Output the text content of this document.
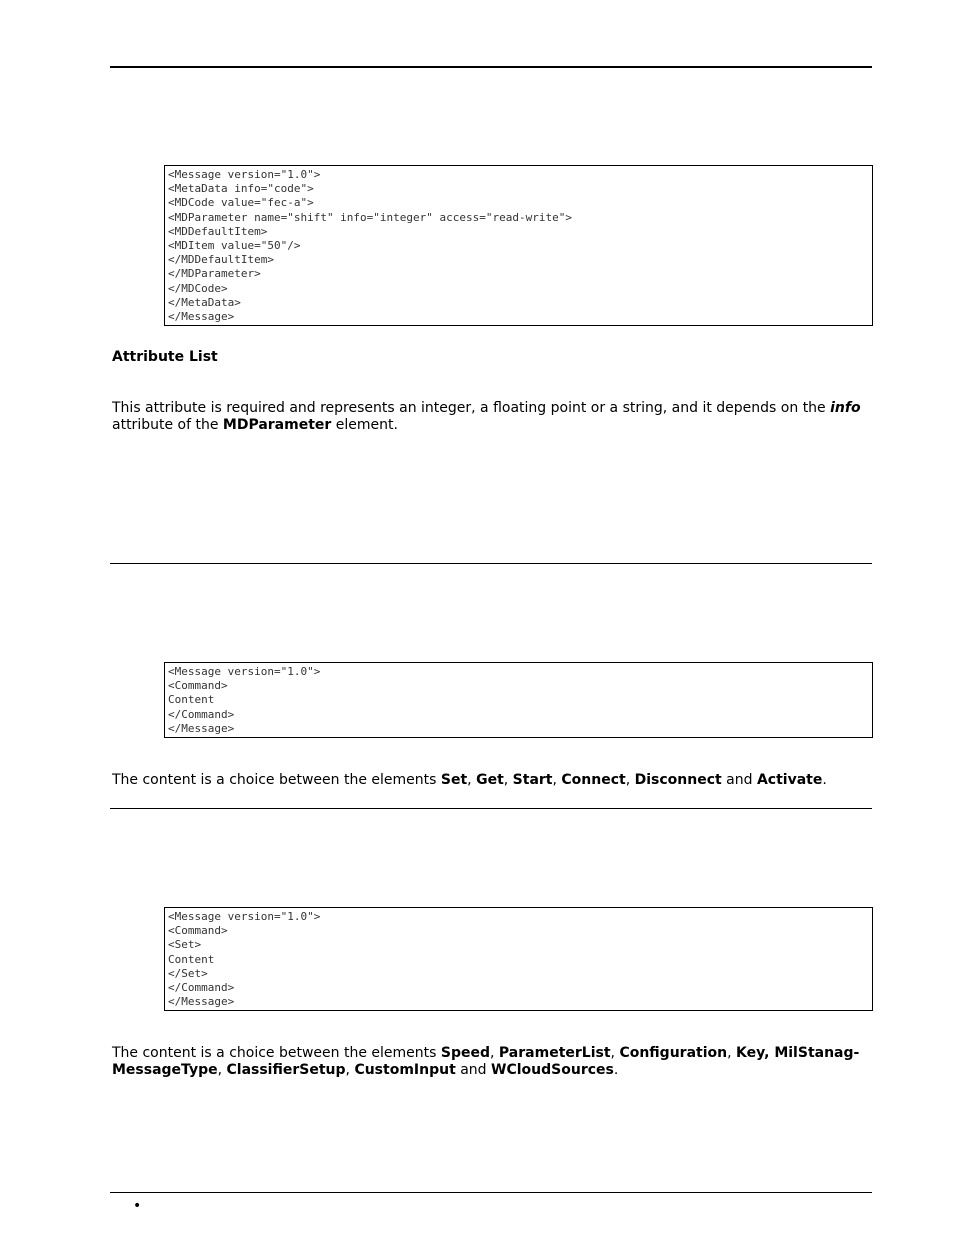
<Message version="1.0">
<MetaData info="code">
<MDCode value="fec-a">
<MDParameter name="shift" info="integer" access="read-write">
<MDDefaultItem>
<MDItem value="50"/>
</MDDefaultItem>
</MDParameter>
</MDCode>
</MetaData>
</Message>
Attribute List
This attribute is required and represents an integer, a floating point or a string, and it depends on the info
attribute of the MDParameter element.
<Message version="1.0">
<Command>
Content
</Command>
</Message>
The content is a choice between the elements Set, Get, Start, Connect, Disconnect and Activate.
<Message version="1.0">
<Command>
<Set>
Content
</Set>
</Command>
</Message>
The content is a choice between the elements Speed, ParameterList, Configuration, Key, MilStanag-MessageType, ClassifierSetup, CustomInput and WCloudSources.
•
